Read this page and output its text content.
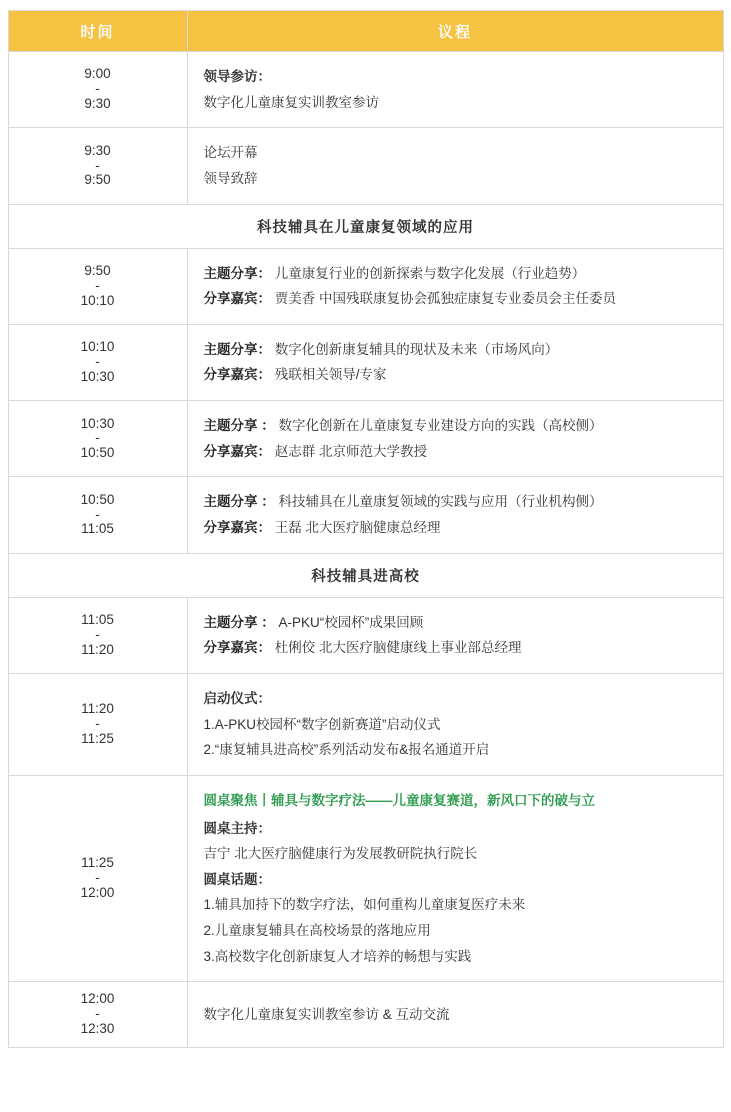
时间	议程

9:00
-
9:30	领导参访：
数字化儿童康复实训教室参访

9:30
-
9:50	论坛开幕
领导致辞

科技辅具在儿童康复领域的应用	

9:50
-
10:10	主题分享： 儿童康复行业的创新探索与数字化发展（行业趋势）
分享嘉宾： 贾美香 中国残联康复协会孤独症康复专业委员会主任委员

10:10
-
10:30	主题分享： 数字化创新康复辅具的现状及未来（市场风向）
分享嘉宾： 残联相关领导/专家

10:30
-
10:50	主题分享 ： 数字化创新在儿童康复专业建设方向的实践（高校侧）
分享嘉宾： 赵志群 北京师范大学教授

10:50
-
11:05	主题分享 ： 科技辅具在儿童康复领域的实践与应用（行业机构侧）
分享嘉宾： 王磊 北大医疗脑健康总经理

科技辅具进高校	

11:05
-
11:20	主题分享 ： A-PKU“校园杯”成果回顾
分享嘉宾： 杜俐佼 北大医疗脑健康线上事业部总经理

11:20
-
11:25	启动仪式：
1.A-PKU校园杯“数字创新赛道”启动仪式
2.“康复辅具进高校”系列活动发布&报名通道开启

11:25
-
12:00

圆桌聚焦丨辅具与数字疗法——儿童康复赛道，新风口下的破与立
圆桌主持：
吉宁 北大医疗脑健康行为发展教研院执行院长
圆桌话题：
1.辅具加持下的数字疗法，如何重构儿童康复医疗未来
2.儿童康复辅具在高校场景的落地应用
3.高校数字化创新康复人才培养的畅想与实践

12:00
-
12:30	数字化儿童康复实训教室参访 & 互动交流
